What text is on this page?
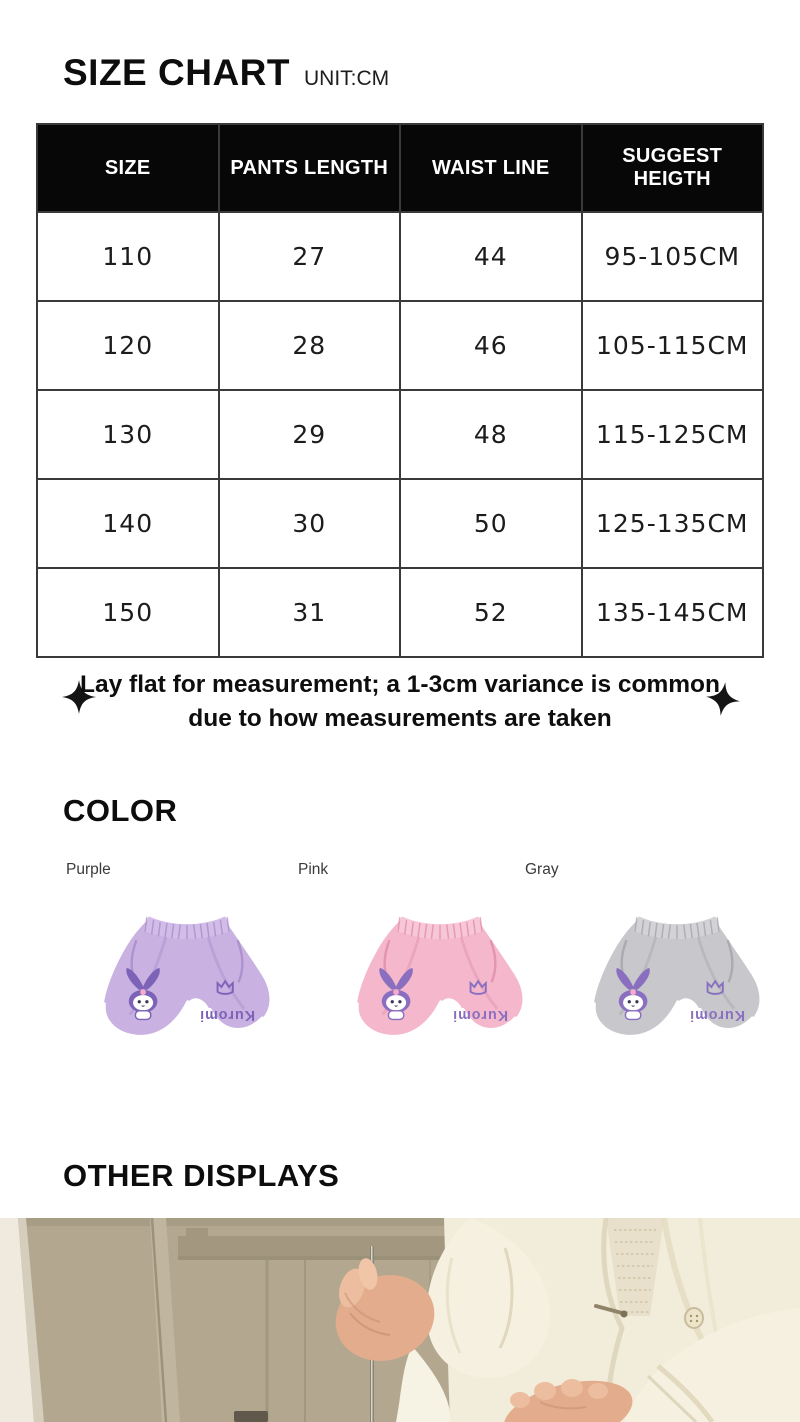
SIZE CHART UNIT:CM
SIZE	PANTS LENGTH	WAIST LINE	SUGGEST HEIGTH
110	27	44	95-105CM
120	28	46	105-115CM
130	29	48	115-125CM
140	30	50	125-135CM
150	31	52	135-145CM
Lay flat for measurement; a 1-3cm variance is common
due to how measurements are taken
COLOR
Purple	Pink	Gray
Kuromi	Kuromi	Kuromi
OTHER DISPLAYS
